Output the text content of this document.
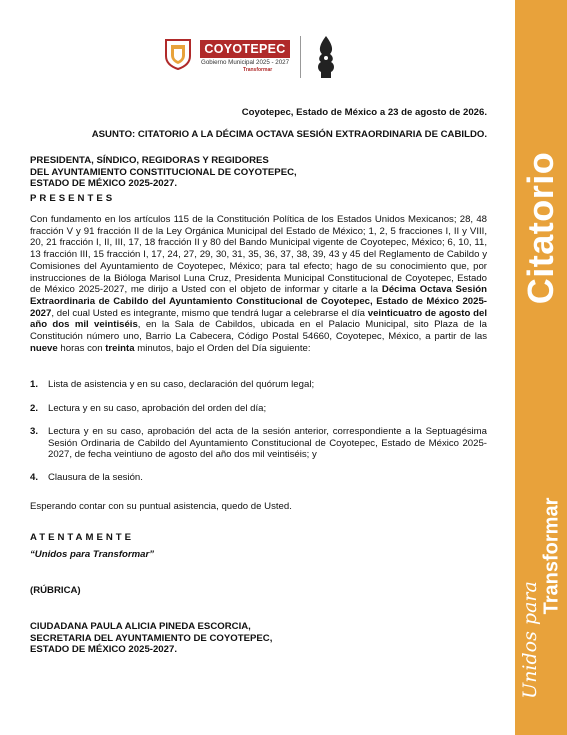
COYOTEPEC
Gobierno Municipal 2025 - 2027
Transformar
Citatorio
Transformar
Unidos para
Coyotepec, Estado de México a 23 de agosto de 2026.
ASUNTO: CITATORIO A LA DÉCIMA OCTAVA SESIÓN EXTRAORDINARIA DE CABILDO.
PRESIDENTA, SÍNDICO, REGIDORAS Y REGIDORES
DEL AYUNTAMIENTO CONSTITUCIONAL DE COYOTEPEC,
ESTADO DE MÉXICO 2025-2027.
PRESENTES
Con fundamento en los artículos 115 de la Constitución Política de los Estados Unidos Mexicanos; 28, 48 fracción V y 91 fracción II de la Ley Orgánica Municipal del Estado de México; 1, 2, 5 fracciones I, II y VIII, 20, 21 fracción I, II, III, 17, 18 fracción II y 80 del Bando Municipal vigente de Coyotepec, México; 6, 10, 11, 13 fracción III, 15 fracción I, 17, 24, 27, 29, 30, 31, 35, 36, 37, 38, 39, 43 y 45 del Reglamento de Cabildo y Comisiones del Ayuntamiento de Coyotepec, México; para tal efecto; hago de su conocimiento que, por instrucciones de la Bióloga Marisol Luna Cruz, Presidenta Municipal Constitucional de Coyotepec, Estado de México 2025-2027, me dirijo a Usted con el objeto de informar y citarle a la Décima Octava Sesión Extraordinaria de Cabildo del Ayuntamiento Constitucional de Coyotepec, Estado de México 2025-2027, del cual Usted es integrante, mismo que tendrá lugar a celebrarse el día veinticuatro de agosto del año dos mil veintiséis, en la Sala de Cabildos, ubicada en el Palacio Municipal, sito Plaza de la Constitución número uno, Barrio La Cabecera, Código Postal 54660, Coyotepec, México, a partir de las nueve horas con treinta minutos, bajo el Orden del Día siguiente:
1. Lista de asistencia y en su caso, declaración del quórum legal;
2. Lectura y en su caso, aprobación del orden del día;
3. Lectura y en su caso, aprobación del acta de la sesión anterior, correspondiente a la Septuagésima Sesión Ordinaria de Cabildo del Ayuntamiento Constitucional de Coyotepec, Estado de México 2025-2027, de fecha veintiuno de agosto del año dos mil veintiséis; y
4. Clausura de la sesión.
Esperando contar con su puntual asistencia, quedo de Usted.
ATENTAMENTE
“Unidos para Transformar”
(RÚBRICA)
CIUDADANA PAULA ALICIA PINEDA ESCORCIA,
SECRETARIA DEL AYUNTAMIENTO DE COYOTEPEC,
ESTADO DE MÉXICO 2025-2027.
